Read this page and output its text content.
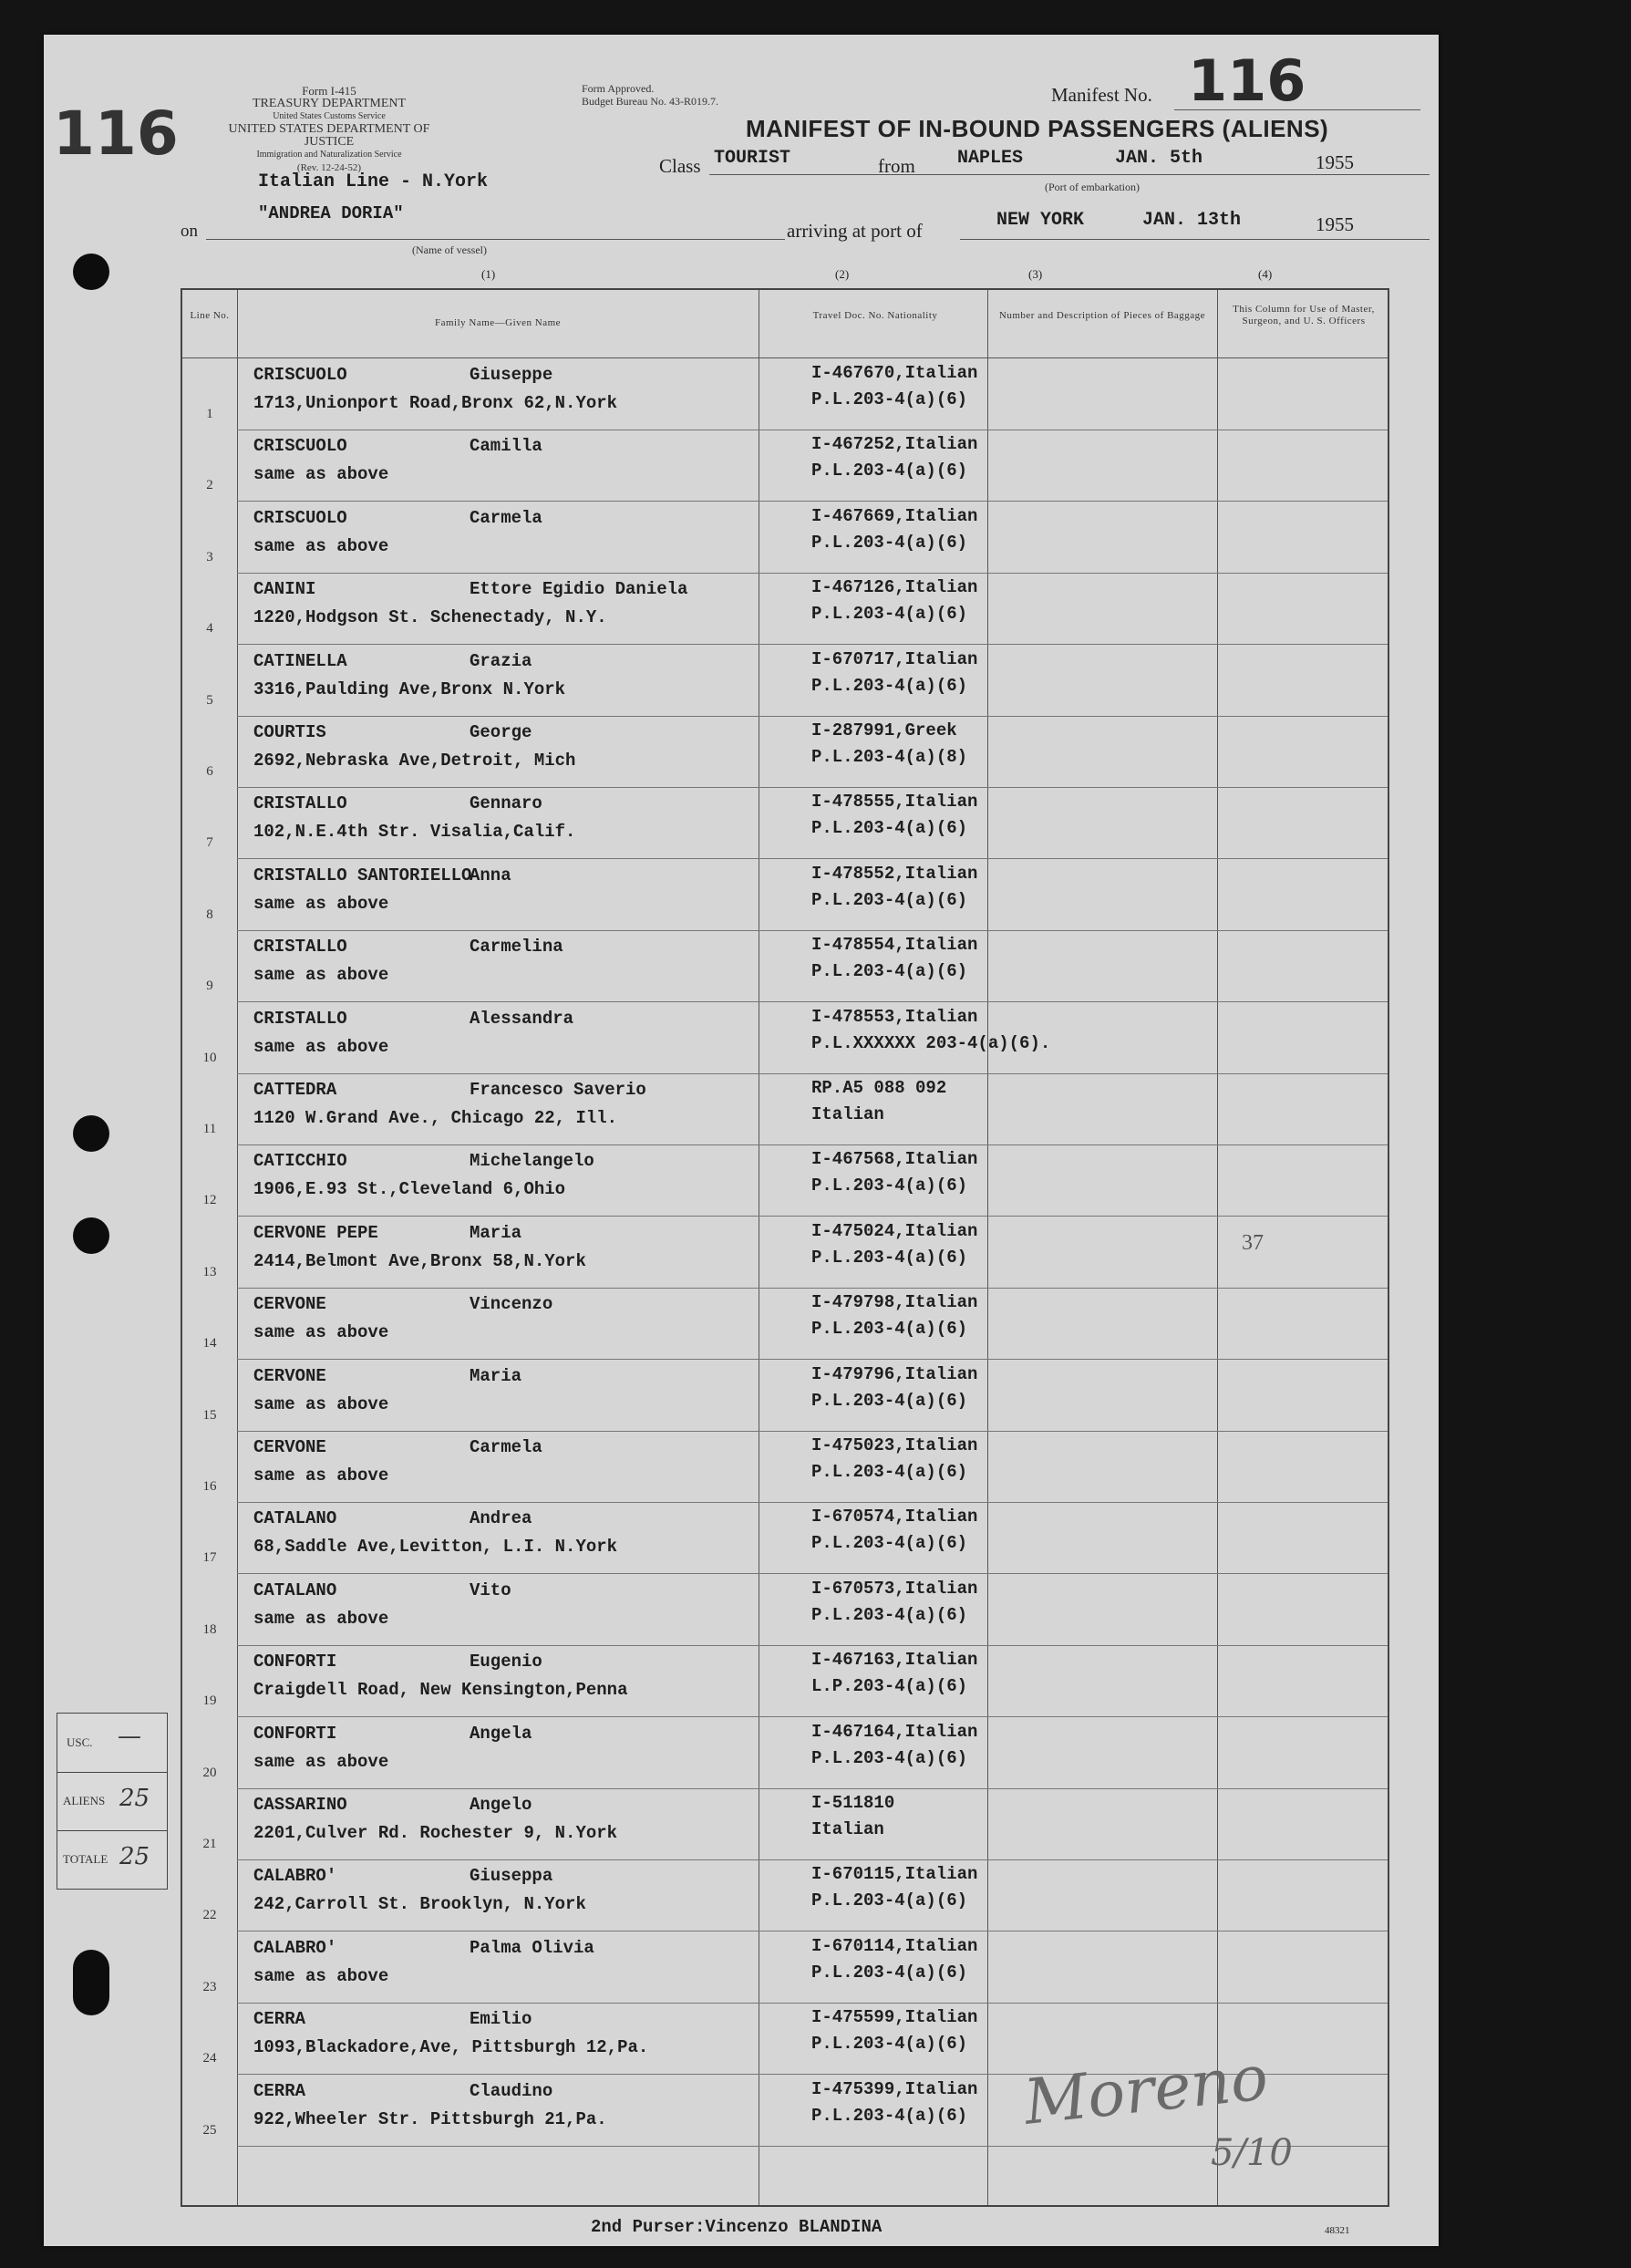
116
Form I-415
TREASURY DEPARTMENT
United States Customs Service
UNITED STATES DEPARTMENT OF JUSTICE
Immigration and Naturalization Service
(Rev. 12-24-52)
Form Approved.
Budget Bureau No. 43-R019.7.	Manifest No. 116
MANIFEST OF IN-BOUND PASSENGERS (ALIENS)
Class TOURIST	from NAPLES	JAN. 5th	1955
(Port of embarkation)
Italian Line - N.York
on
"ANDREA DORIA"
(Name of vessel)
arriving at port of	NEW YORK	JAN. 13th	1955
(1)	(2)	(3)	(4)
Line No.
Family Name—Given Name
Travel Doc. No. Nationality	Number and Description of Pieces of Baggage
This Column for Use of Master, Surgeon, and U. S. Officers
1
CRISCUOLO	Giuseppe
1713,Unionport Road,Bronx 62,N.York
I-467670,Italian
P.L.203-4(a)(6)
2
CRISCUOLO	Camilla
same as above
I-467252,Italian
P.L.203-4(a)(6)
3
CRISCUOLO	Carmela
same as above
I-467669,Italian
P.L.203-4(a)(6)
4
CANINI	Ettore Egidio Daniela
1220,Hodgson St. Schenectady, N.Y.
I-467126,Italian
P.L.203-4(a)(6)
5
CATINELLA	Grazia
3316,Paulding Ave,Bronx N.York
I-670717,Italian
P.L.203-4(a)(6)
6
COURTIS	George
2692,Nebraska Ave,Detroit, Mich
I-287991,Greek
P.L.203-4(a)(8)
7
CRISTALLO	Gennaro
102,N.E.4th Str. Visalia,Calif.
I-478555,Italian
P.L.203-4(a)(6)
8
CRISTALLO SANTORIELLO
Anna
same as above
I-478552,Italian
P.L.203-4(a)(6)
9
CRISTALLO	Carmelina
same as above
I-478554,Italian
P.L.203-4(a)(6)
10
CRISTALLO	Alessandra
same as above
I-478553,Italian
P.L.XXXXXX 203-4(a)(6).
11
CATTEDRA	Francesco Saverio
1120 W.Grand Ave., Chicago 22, Ill.
RP.A5 088 092
Italian
12
CATICCHIO	Michelangelo
1906,E.93 St.,Cleveland 6,Ohio
I-467568,Italian
P.L.203-4(a)(6)
13
CERVONE PEPE	Maria
2414,Belmont Ave,Bronx 58,N.York
I-475024,Italian
P.L.203-4(a)(6)
14
CERVONE	Vincenzo
same as above
I-479798,Italian
P.L.203-4(a)(6)
15
CERVONE	Maria
same as above
I-479796,Italian
P.L.203-4(a)(6)
16
CERVONE	Carmela
same as above
I-475023,Italian
P.L.203-4(a)(6)
17
CATALANO	Andrea
68,Saddle Ave,Levitton, L.I. N.York
I-670574,Italian
P.L.203-4(a)(6)
18
CATALANO	Vito
same as above
I-670573,Italian
P.L.203-4(a)(6)
19
CONFORTI	Eugenio
Craigdell Road, New Kensington,Penna
I-467163,Italian
L.P.203-4(a)(6)
20
CONFORTI	Angela
same as above
I-467164,Italian
P.L.203-4(a)(6)
21
CASSARINO	Angelo
2201,Culver Rd. Rochester 9, N.York
I-511810
Italian
22
CALABRO'	Giuseppa
242,Carroll St. Brooklyn, N.York
I-670115,Italian
P.L.203-4(a)(6)
23
CALABRO'	Palma Olivia
same as above
I-670114,Italian
P.L.203-4(a)(6)
24
CERRA	Emilio
1093,Blackadore,Ave, Pittsburgh 12,Pa.
I-475599,Italian
P.L.203-4(a)(6)
25
CERRA	Claudino
922,Wheeler Str. Pittsburgh 21,Pa.
I-475399,Italian
P.L.203-4(a)(6)
37
USC. —
ALIENS 25
TOTALE 25
Moreno
5/10
2nd Purser:Vincenzo BLANDINA	48321
